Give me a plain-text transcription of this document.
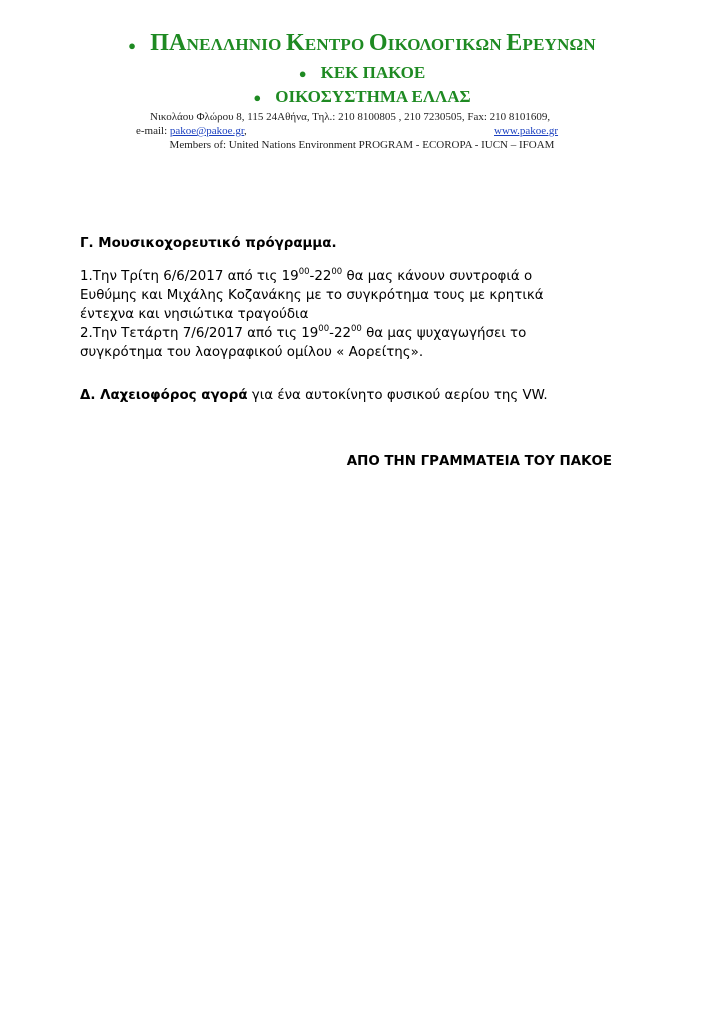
● ΠΑΝΕΛΛΗΝΙΟ ΚΕΝΤΡΟ ΟΙΚΟΛΟΓΙΚΩΝ ΕΡΕΥΝΩΝ
● ΚΕΚ ΠΑΚΟΕ
● ΟΙΚΟΣΥΣΤΗΜΑ ΕΛΛΑΣ
Νικολάου Φλώρου 8, 115 24Αθήνα, Τηλ.: 210 8100805 , 210 7230505, Fax: 210 8101609,
e-mail: pakoe@pakoe.gr,	www.pakoe.gr
Members of: United Nations Environment PROGRAM - ECOROPA - IUCN – IFOAM
Γ. Μουσικοχορευτικό πρόγραμμα.
1.Την Τρίτη 6/6/2017 από τις $19^{00}-22^{00}$ θα μας κάνουν συντροφιά ο
Ευθύμης και Μιχάλης Κοζανάκης με το συγκρότημα τους με κρητικά
έντεχνα και νησιώτικα τραγούδια
2.Την Τετάρτη 7/6/2017 από τις $19^{00}-22^{00}$ θα μας ψυχαγωγήσει το
συγκρότημα του λαογραφικού ομίλου « Αορείτης».
Δ. Λαχειοφόρος αγορά για ένα αυτοκίνητο φυσικού αερίου της VW.
ΑΠΟ ΤΗΝ ΓΡΑΜΜΑΤΕΙΑ ΤΟΥ ΠΑΚΟΕ
